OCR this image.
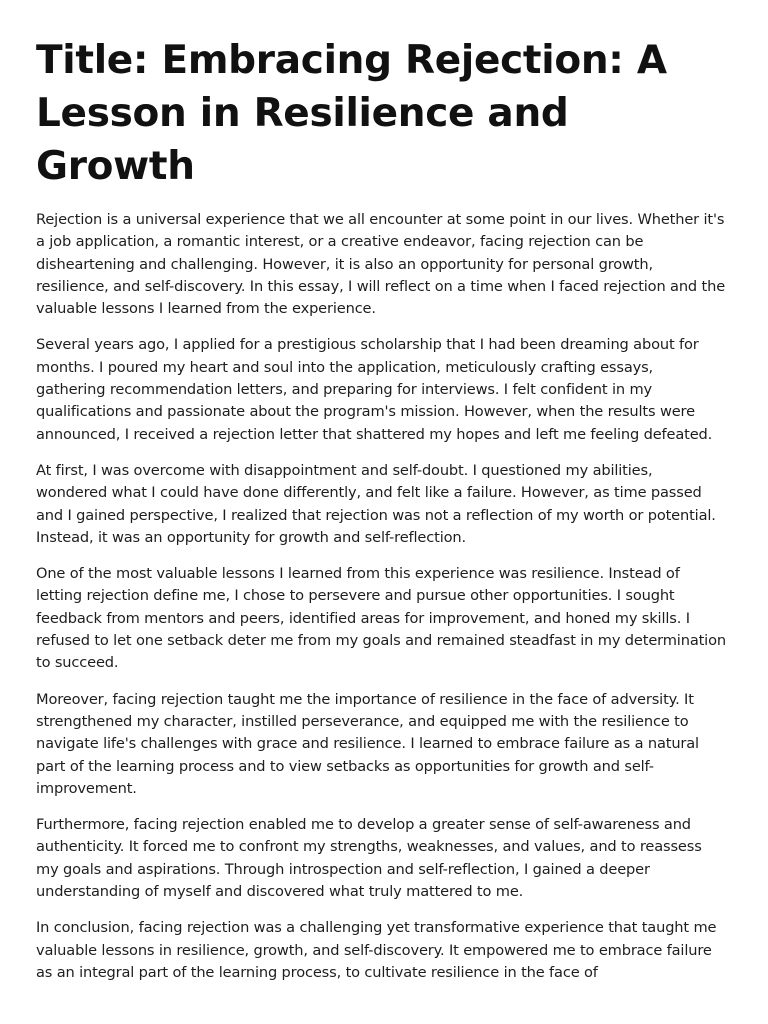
Title: Embracing Rejection: A Lesson in Resilience and Growth

Rejection is a universal experience that we all encounter at some point in our lives. Whether it's a job application, a romantic interest, or a creative endeavor, facing rejection can be disheartening and challenging. However, it is also an opportunity for personal growth, resilience, and self-discovery. In this essay, I will reflect on a time when I faced rejection and the valuable lessons I learned from the experience.

Several years ago, I applied for a prestigious scholarship that I had been dreaming about for months. I poured my heart and soul into the application, meticulously crafting essays, gathering recommendation letters, and preparing for interviews. I felt confident in my qualifications and passionate about the program's mission. However, when the results were announced, I received a rejection letter that shattered my hopes and left me feeling defeated.

At first, I was overcome with disappointment and self-doubt. I questioned my abilities, wondered what I could have done differently, and felt like a failure. However, as time passed and I gained perspective, I realized that rejection was not a reflection of my worth or potential. Instead, it was an opportunity for growth and self-reflection.

One of the most valuable lessons I learned from this experience was resilience. Instead of letting rejection define me, I chose to persevere and pursue other opportunities. I sought feedback from mentors and peers, identified areas for improvement, and honed my skills. I refused to let one setback deter me from my goals and remained steadfast in my determination to succeed.

Moreover, facing rejection taught me the importance of resilience in the face of adversity. It strengthened my character, instilled perseverance, and equipped me with the resilience to navigate life's challenges with grace and resilience. I learned to embrace failure as a natural part of the learning process and to view setbacks as opportunities for growth and self-improvement.

Furthermore, facing rejection enabled me to develop a greater sense of self-awareness and authenticity. It forced me to confront my strengths, weaknesses, and values, and to reassess my goals and aspirations. Through introspection and self-reflection, I gained a deeper understanding of myself and discovered what truly mattered to me.

In conclusion, facing rejection was a challenging yet transformative experience that taught me valuable lessons in resilience, growth, and self-discovery. It empowered me to embrace failure as an integral part of the learning process, to cultivate resilience in the face of
